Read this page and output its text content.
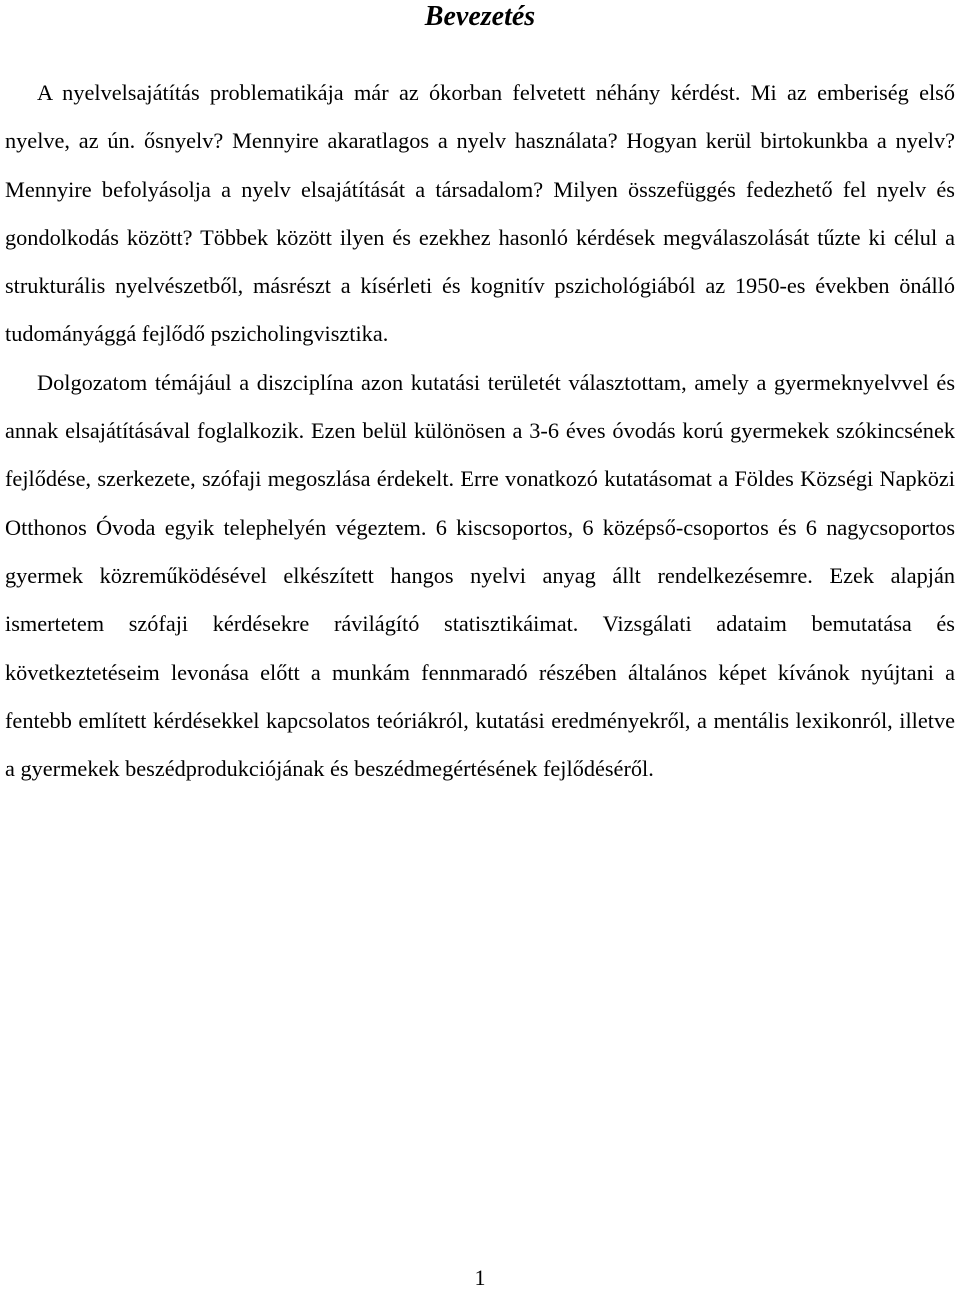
Bevezetés

A nyelvelsajátítás problematikája már az ókorban felvetett néhány kérdést. Mi az emberiség első nyelve, az ún. ősnyelv? Mennyire akaratlagos a nyelv használata? Hogyan kerül birtokunkba a nyelv? Mennyire befolyásolja a nyelv elsajátítását a társadalom? Milyen összefüggés fedezhető fel nyelv és gondolkodás között? Többek között ilyen és ezekhez hasonló kérdések megválaszolását tűzte ki célul a strukturális nyelvészetből, másrészt a kísérleti és kognitív pszichológiából az 1950-es években önálló tudományággá fejlődő pszicholingvisztika.

Dolgozatom témájául a diszciplína azon kutatási területét választottam, amely a gyermeknyelvvel és annak elsajátításával foglalkozik. Ezen belül különösen a 3-6 éves óvodás korú gyermekek szókincsének fejlődése, szerkezete, szófaji megoszlása érdekelt. Erre vonatkozó kutatásomat a Földes Községi Napközi Otthonos Óvoda egyik telephelyén végeztem. 6 kiscsoportos, 6 középső-csoportos és 6 nagycsoportos gyermek közreműködésével elkészített hangos nyelvi anyag állt rendelkezésemre. Ezek alapján ismertetem szófaji kérdésekre rávilágító statisztikáimat. Vizsgálati adataim bemutatása és következtetéseim levonása előtt a munkám fennmaradó részében általános képet kívánok nyújtani a fentebb említett kérdésekkel kapcsolatos teóriákról, kutatási eredményekről, a mentális lexikonról, illetve a gyermekek beszédprodukciójának és beszédmegértésének fejlődéséről.

1
